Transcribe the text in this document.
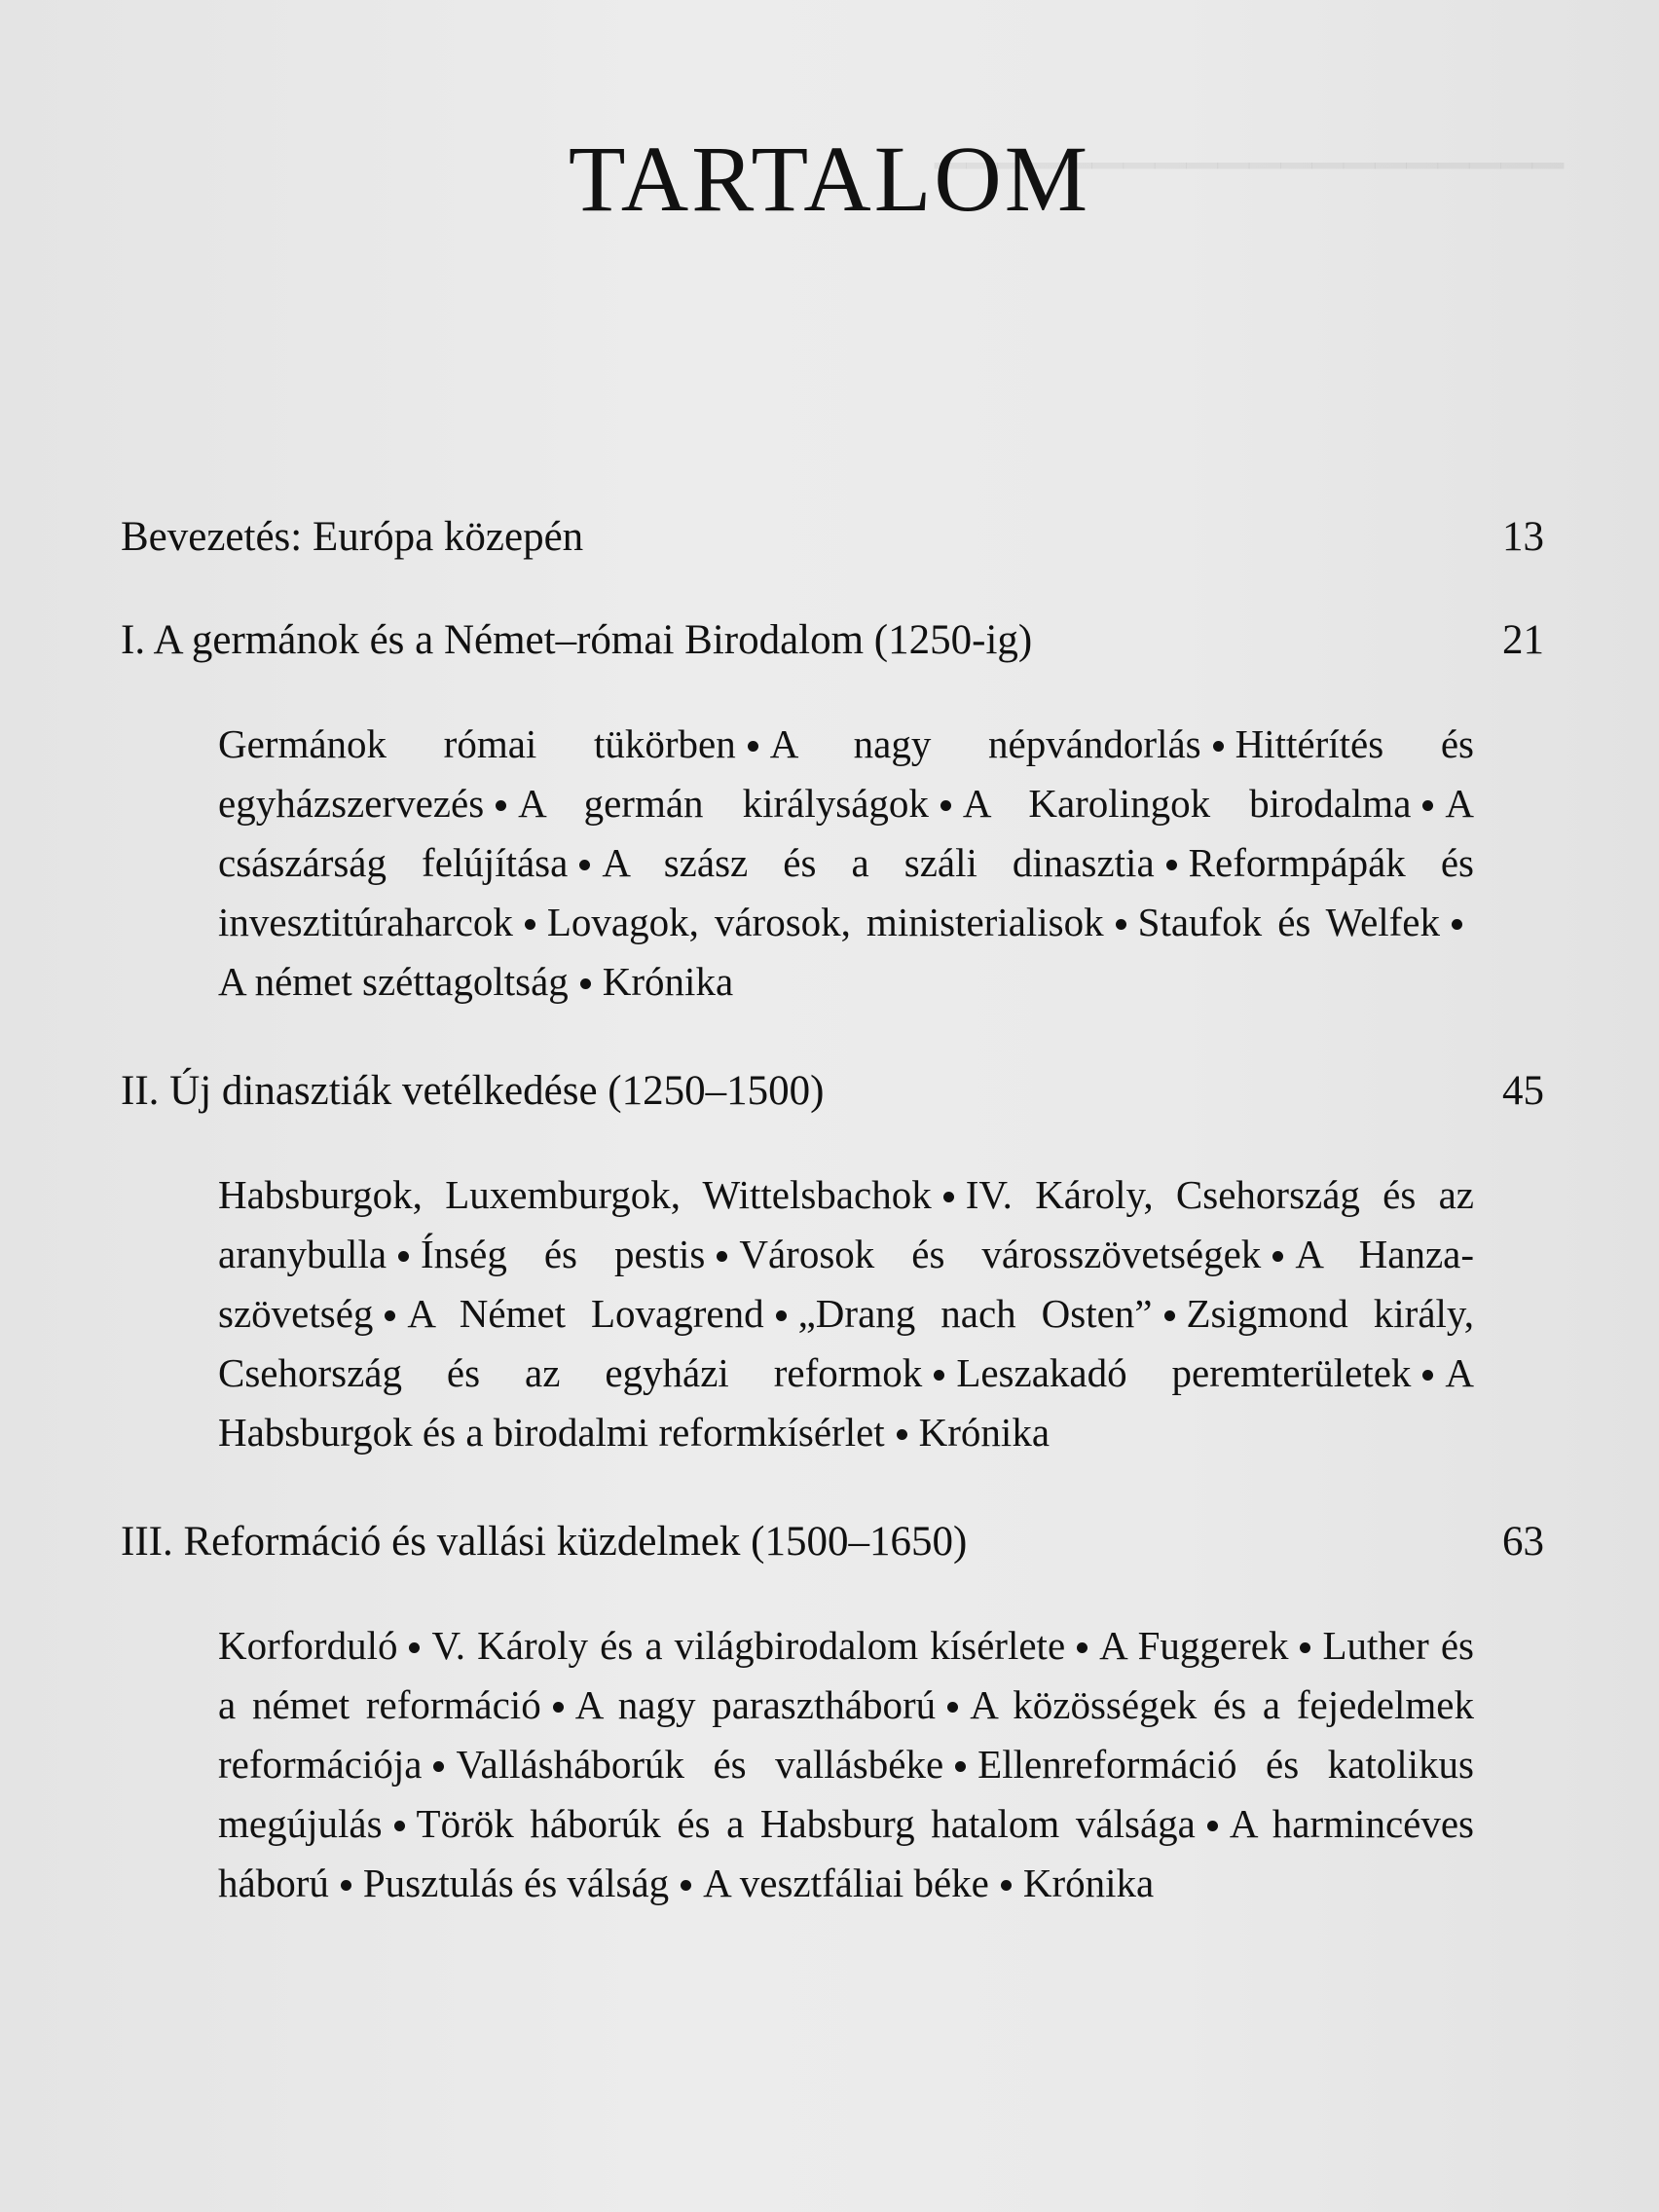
▁▁▁▁▁▁▁▁▁▁▁▁▁▁▁▁▁▁▁▁
TARTALOM
Bevezetés: Európa közepén	13
I. A germánok és a Német–római Birodalom (1250-ig)	21
Germánok római tükörben A nagy népvándorlás Hittérítés és egyházszervezés A germán királyságok A Karolingok birodalma A császárság felújítása A szász és a száli dinasztia Reformpápák és invesztitúraharcok Lovagok, városok, ministerialisok Staufok és WelfekA német széttagoltság Krónika
II. Új dinasztiák vetélkedése (1250–1500)	45
Habsburgok, Luxemburgok, Wittelsbachok IV. Károly, Csehország és az aranybulla Ínség és pestis Városok és városszövetségek A Hanza-szövetség A Német Lovagrend „Drang nach Osten” Zsigmond király, Csehország és az egyházi reformok Leszakadó peremterületek A Habsburgok és a birodalmi reformkísérlet Krónika
III. Reformáció és vallási küzdelmek (1500–1650)	63
Korforduló V. Károly és a világbirodalom kísérlete A Fuggerek Luther és a német reformáció A nagy parasztháború A közösségek és a fejedelmek reformációja Vallásháborúk és vallásbéke Ellenreformáció és katolikus megújulás Török háborúk és a Habsburg hatalom válsága A harmincéves háború Pusztulás és válság A vesztfáliai béke Krónika
